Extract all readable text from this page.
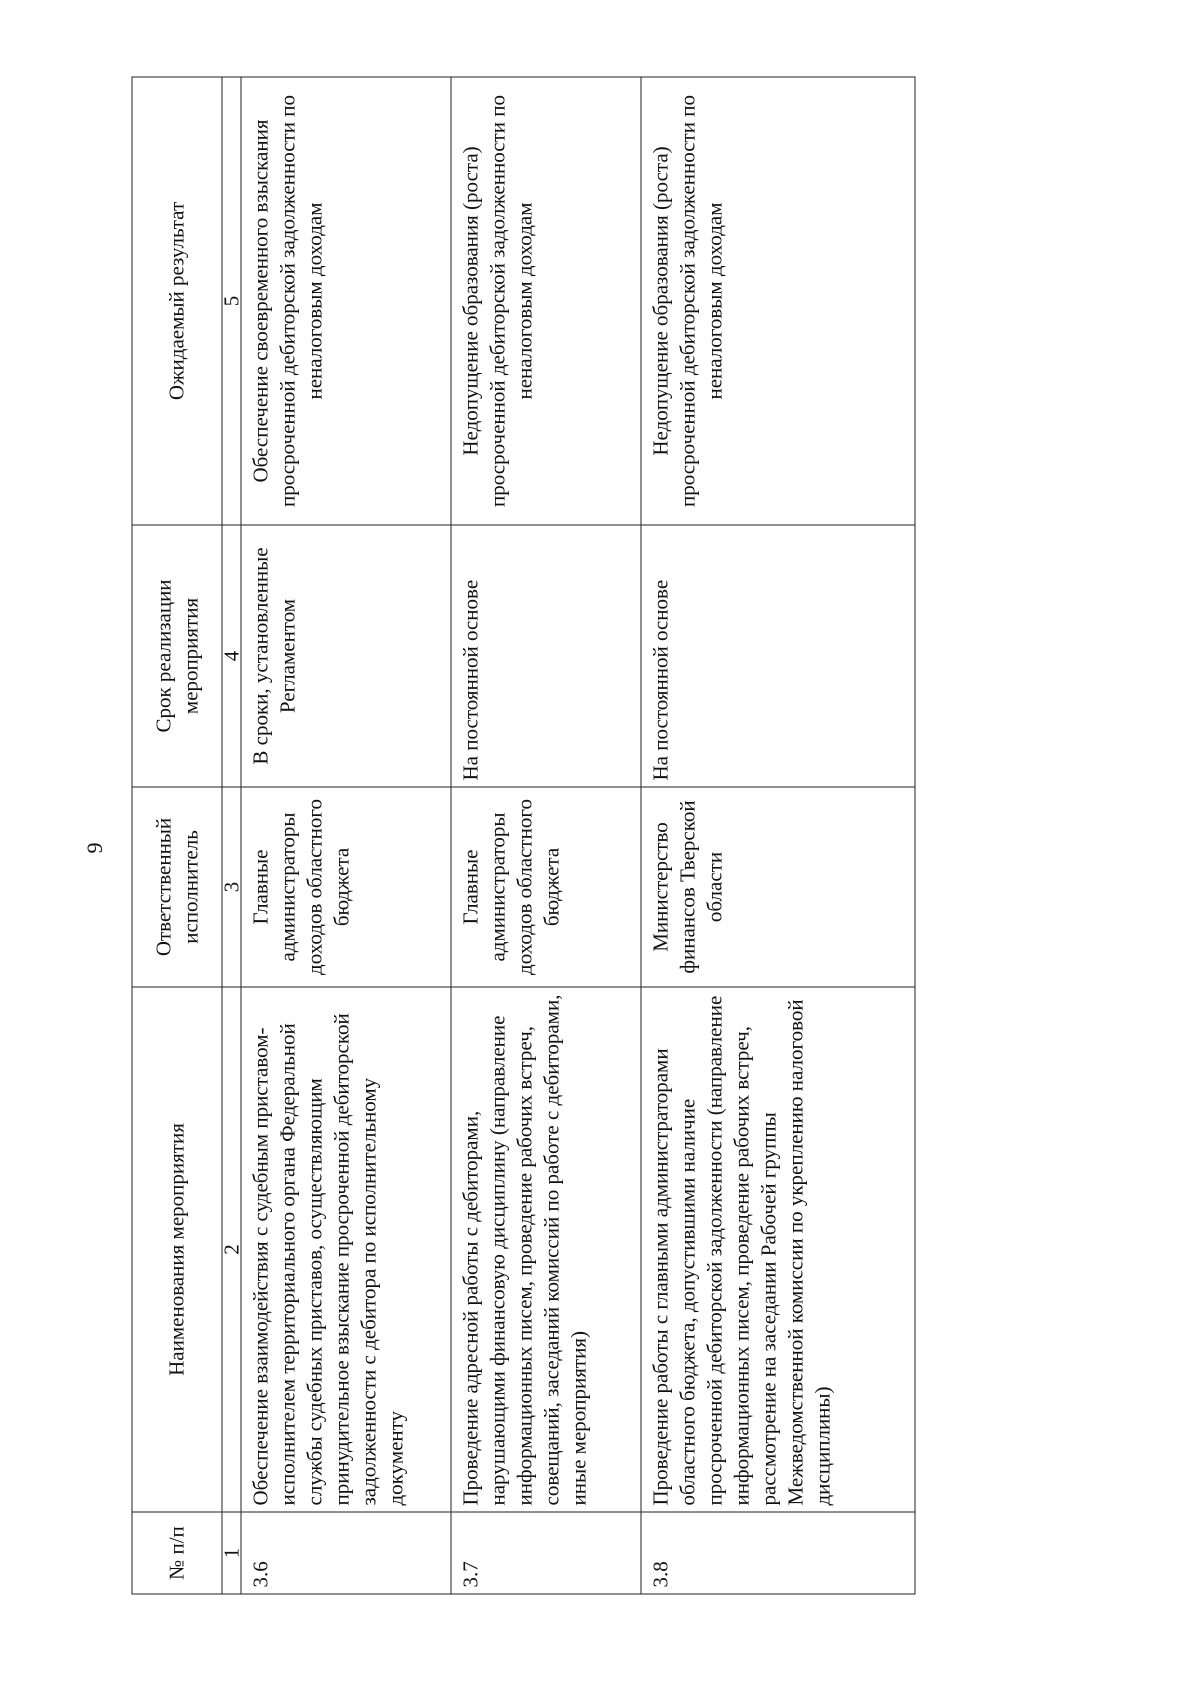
9
№ п/п	Наименования мероприятия	Ответственный исполнитель	Срок реализации мероприятия	Ожидаемый результат
1	2	3	4	5
3.6	Обеспечение взаимодействия с судебным приставом-исполнителем территориального органа Федеральной службы судебных приставов, осуществляющим принудительное взыскание просроченной дебиторской задолженности с дебитора по исполнительному документу	Главные администраторы доходов областного бюджета	В сроки, установленные Регламентом	Обеспечение своевременного взыскания просроченной дебиторской задолженности по неналоговым доходам
3.7	Проведение адресной работы с дебиторами, нарушающими финансовую дисциплину (направление информационных писем, проведение рабочих встреч, совещаний, заседаний комиссий по работе с дебиторами, иные мероприятия)	Главные администраторы доходов областного бюджета	На постоянной основе	Недопущение образования (роста) просроченной дебиторской задолженности по неналоговым доходам
3.8	Проведение работы с главными администраторами областного бюджета, допустившими наличие просроченной дебиторской задолженности (направление информационных писем, проведение рабочих встреч, рассмотрение на заседании Рабочей группы Межведомственной комиссии по укреплению налоговой дисциплины)	Министерство финансов Тверской области	На постоянной основе	Недопущение образования (роста) просроченной дебиторской задолженности по неналоговым доходам
